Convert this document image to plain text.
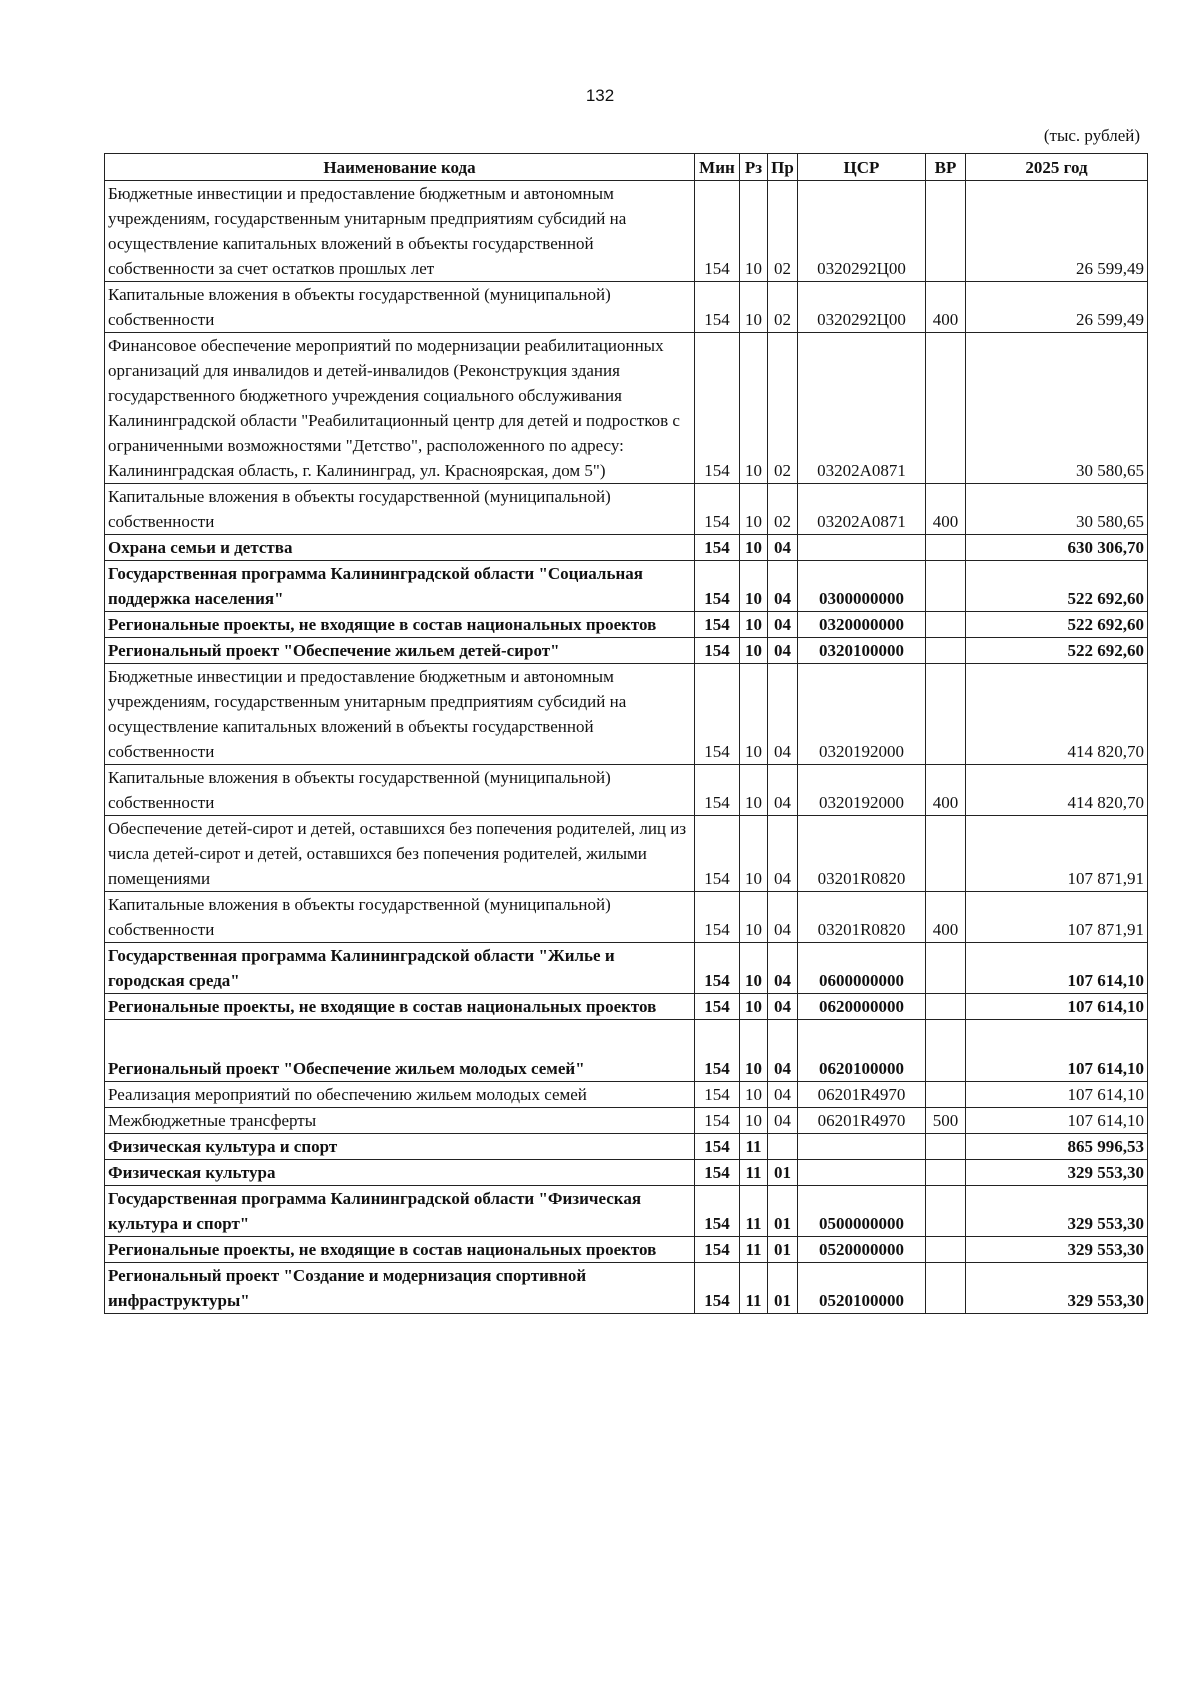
132
(тыс. рублей)
Наименование кода	Мин	Рз	Пр	ЦСР	ВР	2025 год
Бюджетные инвестиции и предоставление бюджетным и автономным учреждениям, государственным унитарным предприятиям субсидий на осуществление капитальных вложений в объекты государственной собственности за счет остатков прошлых лет	154	10	02	0320292Ц00		26 599,49
Капитальные вложения в объекты государственной (муниципальной) собственности	154	10	02	0320292Ц00	400	26 599,49
Финансовое обеспечение мероприятий по модернизации реабилитационных организаций для инвалидов и детей-инвалидов (Реконструкция здания государственного бюджетного учреждения социального обслуживания Калининградской области "Реабилитационный центр для детей и подростков с ограниченными возможностями "Детство", расположенного по адресу: Калининградская область, г. Калининград, ул. Красноярская, дом 5")	154	10	02	03202А0871		30 580,65
Капитальные вложения в объекты государственной (муниципальной) собственности	154	10	02	03202А0871	400	30 580,65
Охрана семьи и детства	154	10	04			630 306,70
Государственная программа Калининградской области "Социальная поддержка населения"	154	10	04	0300000000		522 692,60
Региональные проекты, не входящие в состав национальных проектов	154	10	04	0320000000		522 692,60
Региональный проект "Обеспечение жильем детей-сирот"	154	10	04	0320100000		522 692,60
Бюджетные инвестиции и предоставление бюджетным и автономным учреждениям, государственным унитарным предприятиям субсидий на осуществление капитальных вложений в объекты государственной собственности	154	10	04	0320192000		414 820,70
Капитальные вложения в объекты государственной (муниципальной) собственности	154	10	04	0320192000	400	414 820,70
Обеспечение детей-сирот и детей, оставшихся без попечения родителей, лиц из числа детей-сирот и детей, оставшихся без попечения родителей, жилыми помещениями	154	10	04	03201R0820		107 871,91
Капитальные вложения в объекты государственной (муниципальной) собственности	154	10	04	03201R0820	400	107 871,91
Государственная программа Калининградской области "Жилье и городская среда"	154	10	04	0600000000		107 614,10
Региональные проекты, не входящие в состав национальных проектов	154	10	04	0620000000		107 614,10
Региональный проект "Обеспечение жильем молодых семей"	154	10	04	0620100000		107 614,10
Реализация мероприятий по обеспечению жильем молодых семей	154	10	04	06201R4970		107 614,10
Межбюджетные трансферты	154	10	04	06201R4970	500	107 614,10
Физическая культура и спорт	154	11				865 996,53
Физическая культура	154	11	01			329 553,30
Государственная программа Калининградской области "Физическая культура и спорт"	154	11	01	0500000000		329 553,30
Региональные проекты, не входящие в состав национальных проектов	154	11	01	0520000000		329 553,30
Региональный проект "Создание и модернизация спортивной инфраструктуры"	154	11	01	0520100000		329 553,30
